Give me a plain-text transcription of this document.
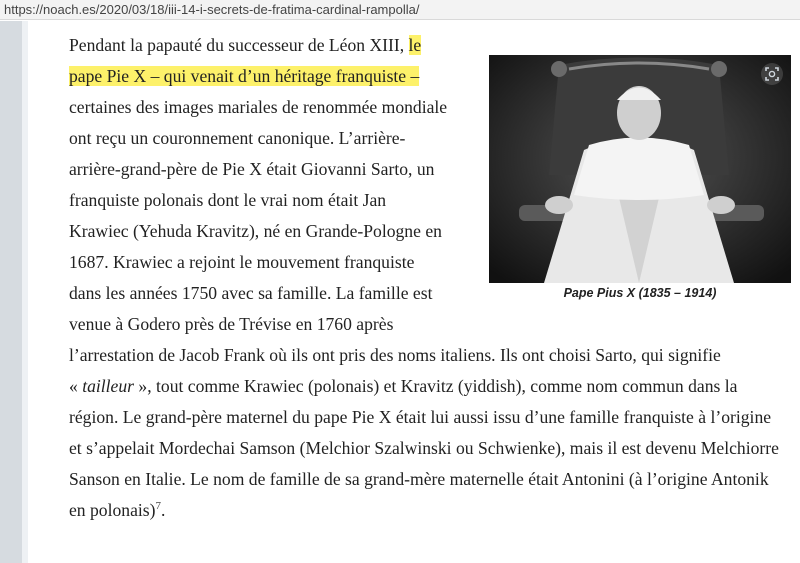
https://noach.es/2020/03/18/iii-14-i-secrets-de-fratima-cardinal-rampolla/
Pendant la papauté du successeur de Léon XIII, le
pape Pie X – qui venait d’un héritage franquiste –
certaines des images mariales de renommée mondiale
ont reçu un couronnement canonique. L’arrière-
arrière-grand-père de Pie X était Giovanni Sarto, un
franquiste polonais dont le vrai nom était Jan
Krawiec (Yehuda Kravitz), né en Grande-Pologne en
1687. Krawiec a rejoint le mouvement franquiste
dans les années 1750 avec sa famille. La famille est
venue à Godero près de Trévise en 1760 après
l’arrestation de Jacob Frank où ils ont pris des noms italiens. Ils ont choisi Sarto, qui signifie
« tailleur », tout comme Krawiec (polonais) et Kravitz (yiddish), comme nom commun dans la
région. Le grand-père maternel du pape Pie X était lui aussi issu d’une famille franquiste à l’origine
et s’appelait Mordechai Samson (Melchior Szalwinski ou Schwienke), mais il est devenu Melchiorre
Sanson en Italie. Le nom de famille de sa grand-mère maternelle était Antonini (à l’origine Antonik
en polonais)$^7$.
Pape Pius X (1835 – 1914)
